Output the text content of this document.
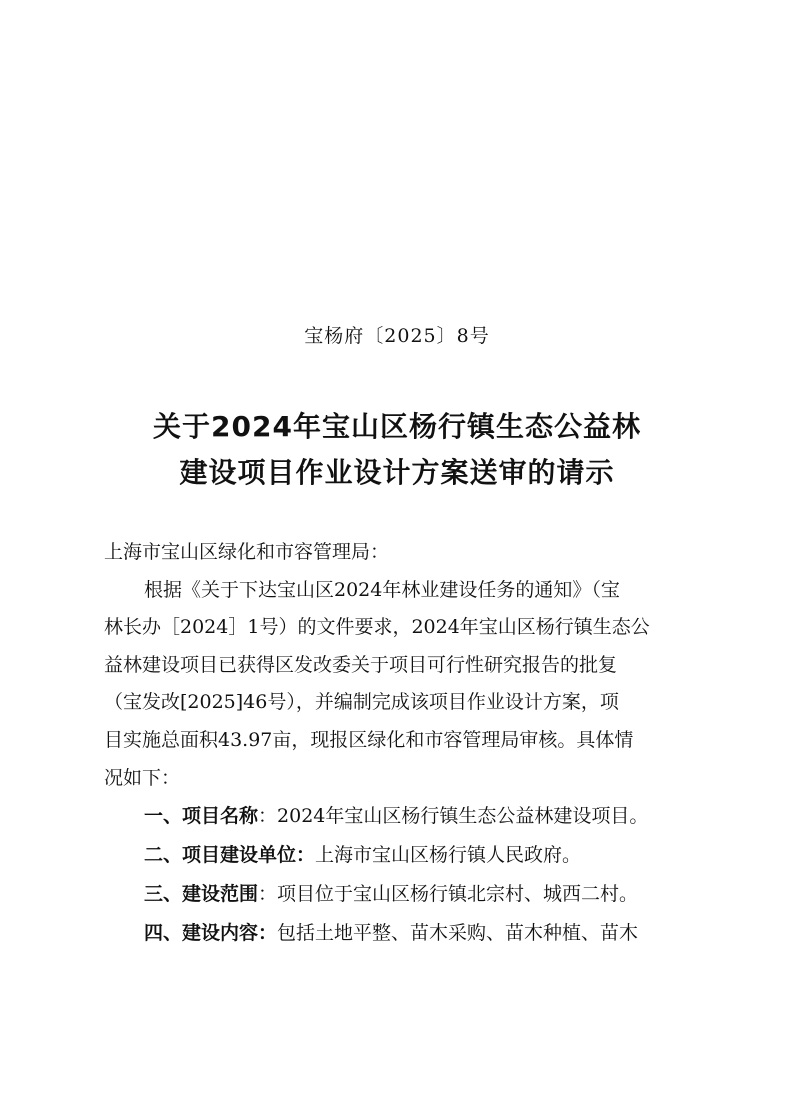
宝杨府〔2025〕8号
关于2024年宝山区杨行镇生态公益林
建设项目作业设计方案送审的请示
上海市宝山区绿化和市容管理局：
根据《关于下达宝山区2024年林业建设任务的通知》（宝
林长办［2024］1号）的文件要求，2024年宝山区杨行镇生态公
益林建设项目已获得区发改委关于项目可行性研究报告的批复
（宝发改[2025]46号），并编制完成该项目作业设计方案，项
目实施总面积43.97亩，现报区绿化和市容管理局审核。具体情
况如下：
一、项目名称：2024年宝山区杨行镇生态公益林建设项目。
二、项目建设单位：上海市宝山区杨行镇人民政府。
三、建设范围：项目位于宝山区杨行镇北宗村、城西二村。
四、建设内容：包括土地平整、苗木采购、苗木种植、苗木
